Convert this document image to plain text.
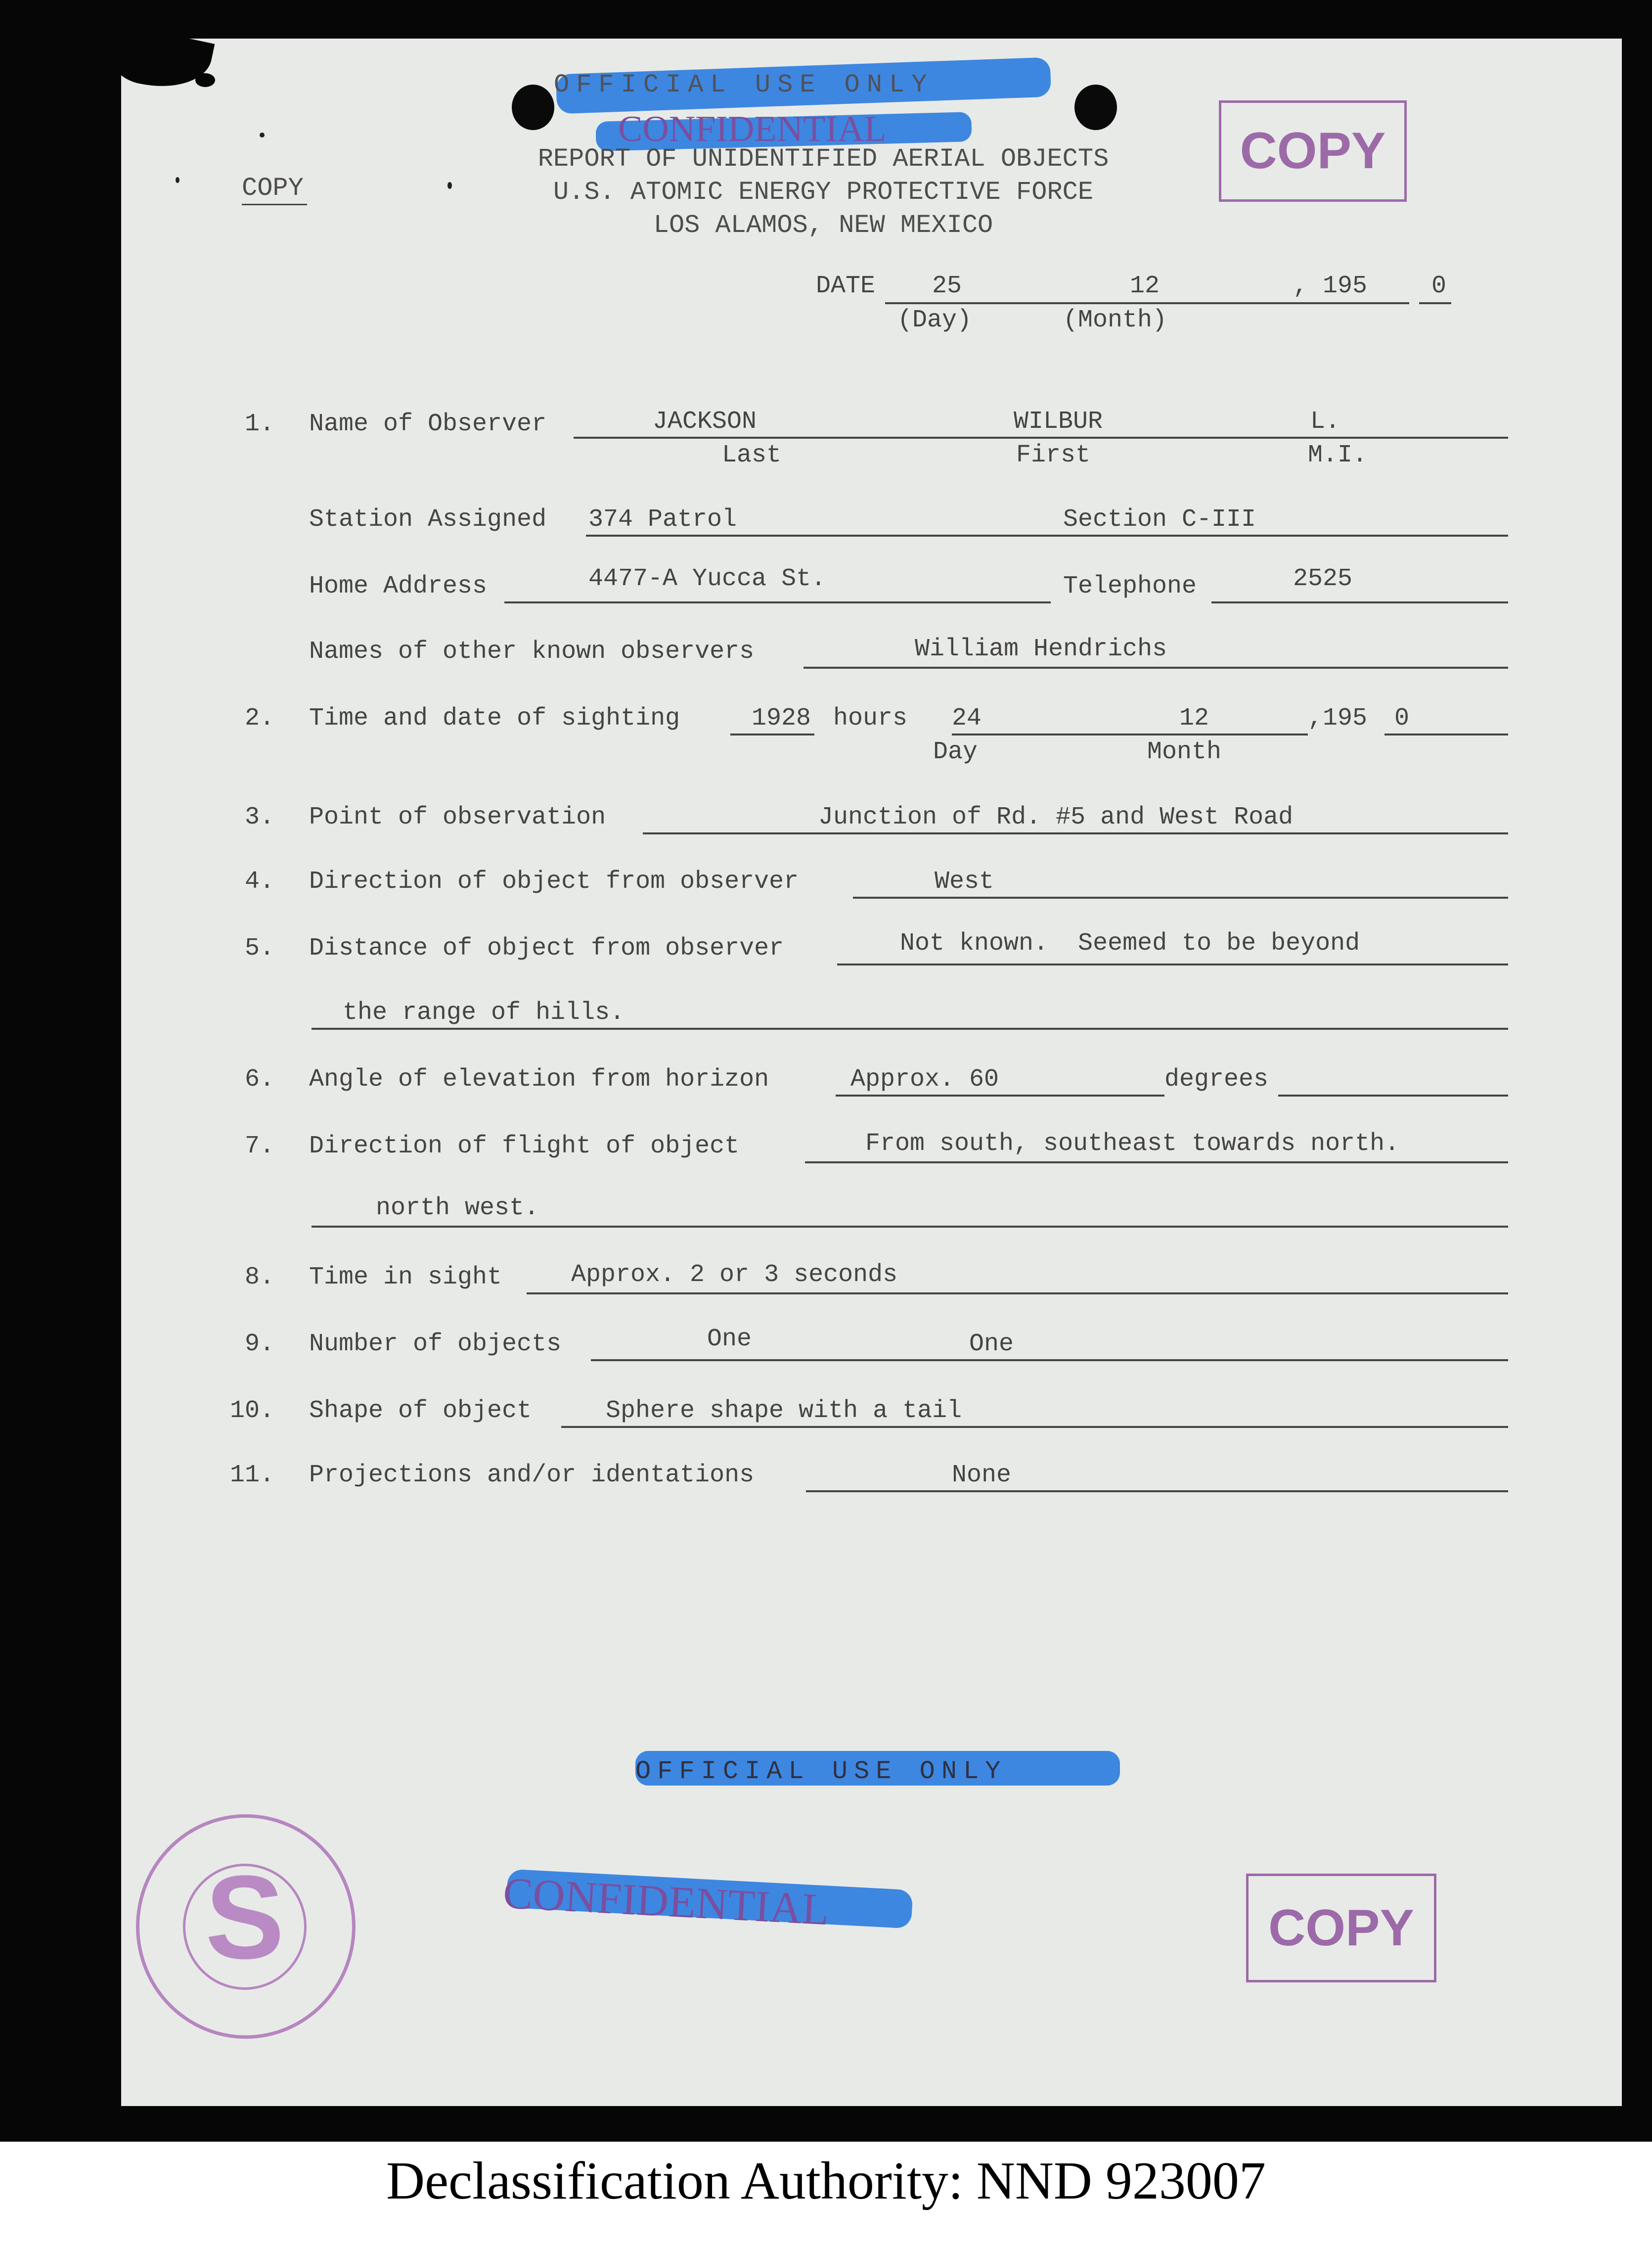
OFFICIAL USE ONLY
CONFIDENTIAL
REPORT OF UNIDENTIFIED AERIAL OBJECTS
U.S. ATOMIC ENERGY PROTECTIVE FORCE
LOS ALAMOS, NEW MEXICO
COPY
COPY
DATE 25	12	, 195	0
(Day)	(Month)
1. Name of Observer	JACKSON	WILBUR	L.
Last	First	M.I.
Station Assigned 374 Patrol	Section C-III
Home Address	4477-A Yucca St.	Telephone	2525
Names of other known observers	William Hendrichs
2. Time and date of sighting	1928 hours 24	12	,195 0
Day	Month
3. Point of observation	Junction of Rd. #5 and West Road
4. Direction of object from observer	West
5. Distance of object from observer	Not known.  Seemed to be beyond
the range of hills.
6. Angle of elevation from horizon	Approx. 60	degrees
7. Direction of flight of object	From south, southeast towards north.
north west.
8. Time in sight	Approx. 2 or 3 seconds
9. Number of objects	One	One
10. Shape of object	Sphere shape with a tail
11. Projections and/or identations	None
OFFICIAL USE ONLY
CONFIDENTIAL
S	COPY
Declassification Authority: NND 923007
